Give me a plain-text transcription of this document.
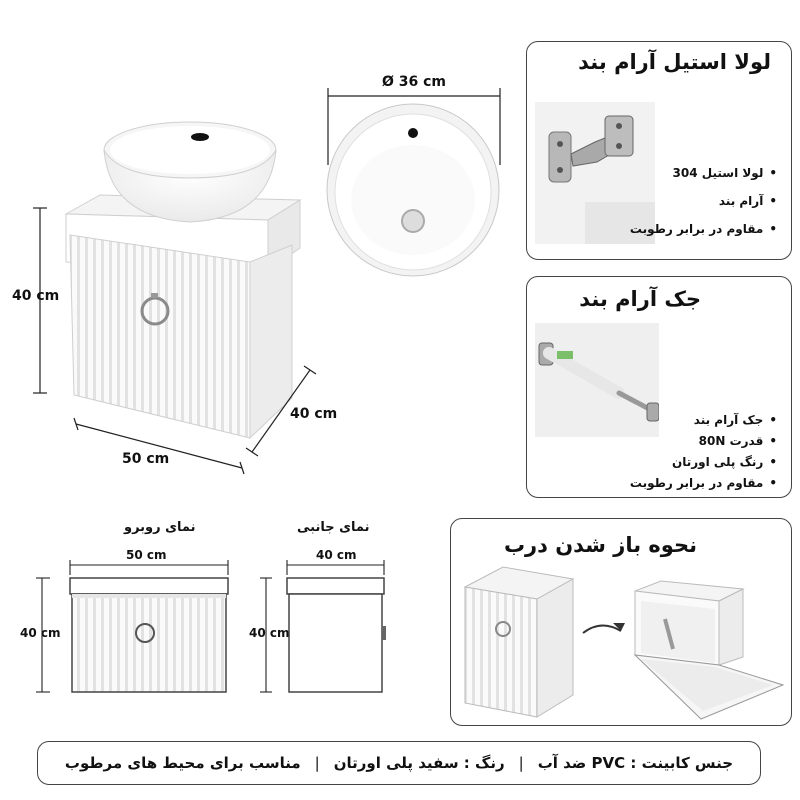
40 cm
40 cm
50 cm
Ø 36 cm
لولا استیل آرام بند
• لولا استیل 304
• آرام بند
• مقاوم در برابر رطوبت
جک آرام بند
• جک آرام بند
• قدرت 80N
• رنگ پلی اورتان
• مقاوم در برابر رطوبت
نمای روبرو
50 cm
40 cm
نمای جانبی
40 cm
40 cm
نحوه باز شدن درب
جنس کابینت : PVC ضد آب
|
رنگ : سفید پلی اورتان
|
مناسب برای محیط های مرطوب
